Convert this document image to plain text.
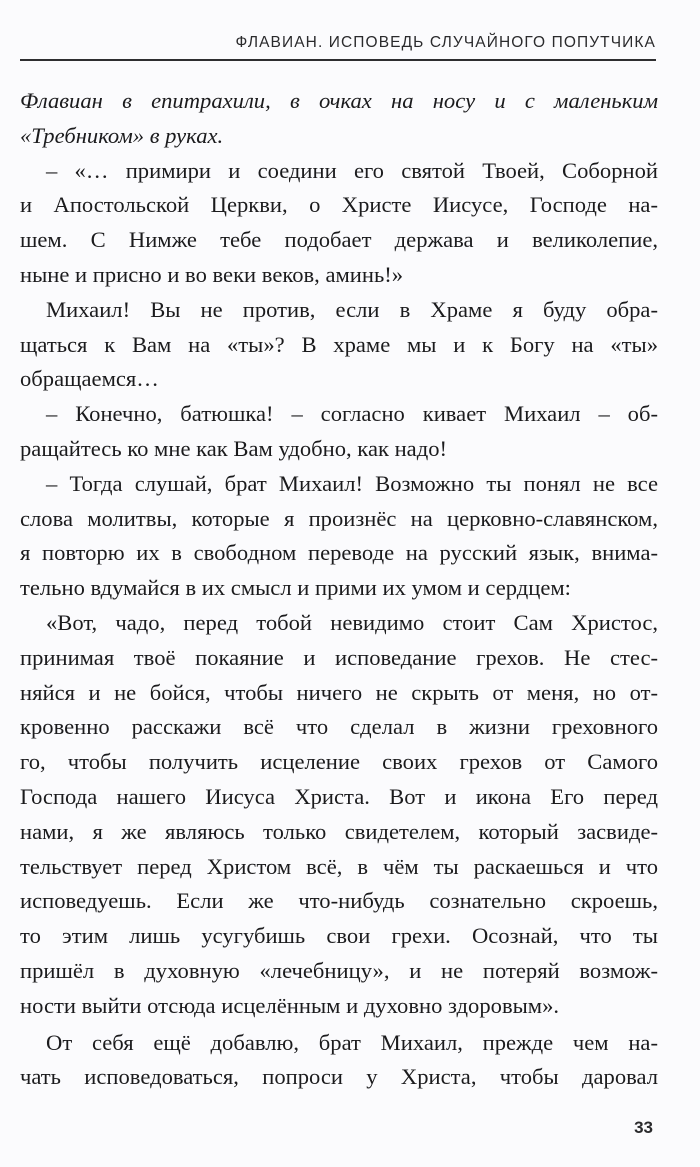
ФЛАВИАН. ИСПОВЕДЬ СЛУЧАЙНОГО ПОПУТЧИКА
Флавиан в епитрахили, в очках на носу и с маленьким
«Требником» в руках.
– «… примири и соедини его святой Твоей, Соборной
и Апостольской Церкви, о Христе Иисусе, Господе на-
шем. С Нимже тебе подобает держава и великолепие,
ныне и присно и во веки веков, аминь!»
Михаил! Вы не против, если в Храме я буду обра-
щаться к Вам на «ты»? В храме мы и к Богу на «ты»
обращаемся…
– Конечно, батюшка! – согласно кивает Михаил – об-
ращайтесь ко мне как Вам удобно, как надо!
– Тогда слушай, брат Михаил! Возможно ты понял не все
слова молитвы, которые я произнёс на церковно-славянском,
я повторю их в свободном переводе на русский язык, внима-
тельно вдумайся в их смысл и прими их умом и сердцем:
«Вот, чадо, перед тобой невидимо стоит Сам Христос,
принимая твоё покаяние и исповедание грехов. Не стес-
няйся и не бойся, чтобы ничего не скрыть от меня, но от-
кровенно расскажи всё что сделал в жизни греховного
го, чтобы получить исцеление своих грехов от Самого
Господа нашего Иисуса Христа. Вот и икона Его перед
нами, я же являюсь только свидетелем, который засвиде-
тельствует перед Христом всё, в чём ты раскаешься и что
исповедуешь. Если же что-нибудь сознательно скроешь,
то этим лишь усугубишь свои грехи. Осознай, что ты
пришёл в духовную «лечебницу», и не потеряй возмож-
ности выйти отсюда исцелённым и духовно здоровым».
От себя ещё добавлю, брат Михаил, прежде чем на-
чать исповедоваться, попроси у Христа, чтобы даровал
33
